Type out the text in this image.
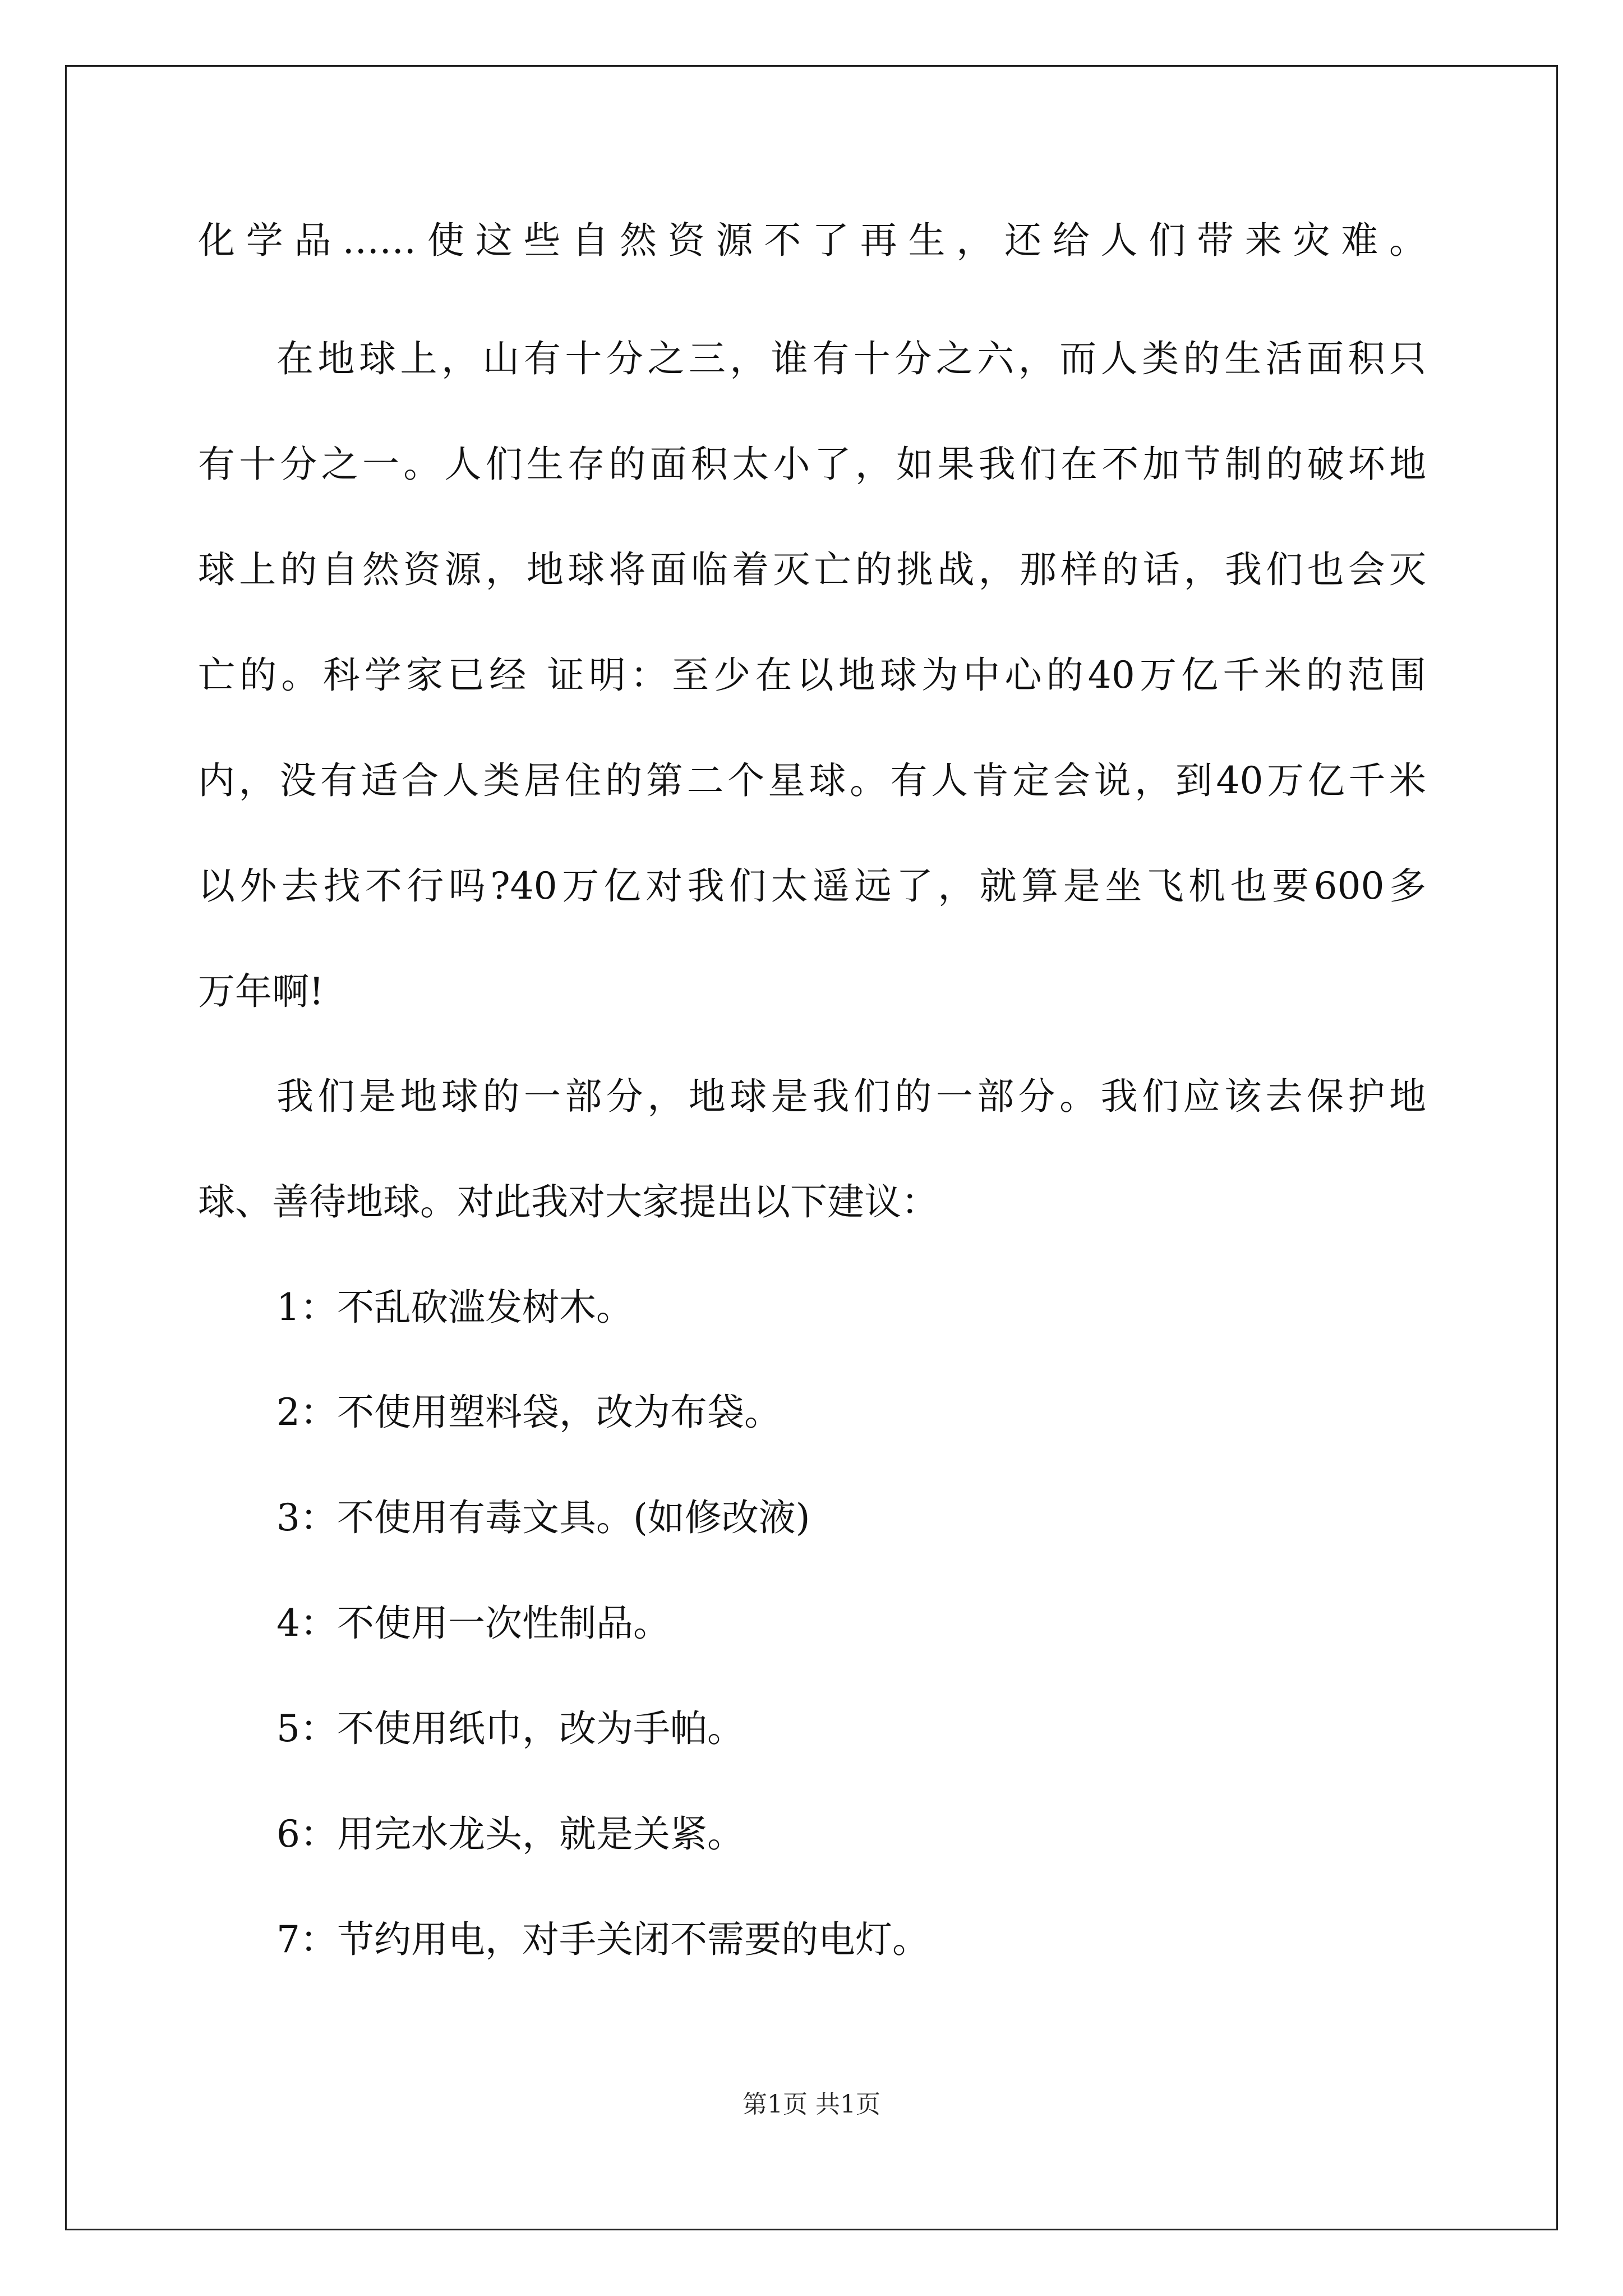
化学品……使这些自然资源不了再生，还给人们带来灾难。
在地球上，山有十分之三，谁有十分之六，而人类的生活面积只
有十分之一。人们生存的面积太小了，如果我们在不加节制的破坏地
球上的自然资源，地球将面临着灭亡的挑战，那样的话，我们也会灭
亡的。科学家已经 证明：至少在以地球为中心的40万亿千米的范围
内，没有适合人类居住的第二个星球。有人肯定会说，到40万亿千米
以外去找不行吗?40万亿对我们太遥远了，就算是坐飞机也要600多
万年啊!
我们是地球的一部分，地球是我们的一部分。我们应该去保护地
球、善待地球。对此我对大家提出以下建议：
1：不乱砍滥发树木。
2：不使用塑料袋，改为布袋。
3：不使用有毒文具。(如修改液)
4：不使用一次性制品。
5：不使用纸巾，改为手帕。
6：用完水龙头，就是关紧。
7：节约用电，对手关闭不需要的电灯。
第1页 共1页
